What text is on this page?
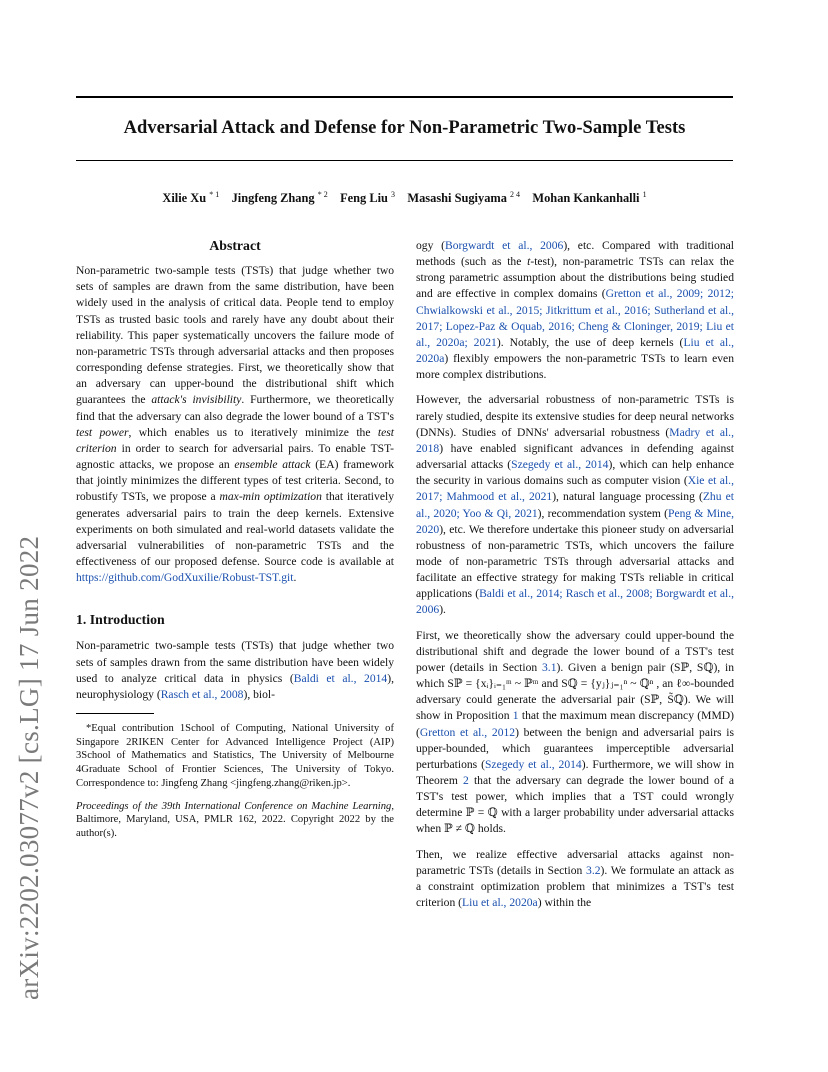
Adversarial Attack and Defense for Non-Parametric Two-Sample Tests
Xilie Xu $^{* 1}$   Jingfeng Zhang $^{* 2}$   Feng Liu $^3$   Masashi Sugiyama $^{2 4}$   Mohan Kankanhalli $^1$
arXiv:2202.03077v2 [cs.LG] 17 Jun 2022
Abstract

Non-parametric two-sample tests (TSTs) that judge whether two sets of samples are drawn from the same distribution, have been widely used in the analysis of critical data. People tend to employ TSTs as trusted basic tools and rarely have any doubt about their reliability. This paper systematically uncovers the failure mode of non-parametric TSTs through adversarial attacks and then proposes corresponding defense strategies. First, we theoretically show that an adversary can upper-bound the distributional shift which guarantees the attack's invisibility. Furthermore, we theoretically find that the adversary can also degrade the lower bound of a TST's test power, which enables us to iteratively minimize the test criterion in order to search for adversarial pairs. To enable TST-agnostic attacks, we propose an ensemble attack (EA) framework that jointly minimizes the different types of test criteria. Second, to robustify TSTs, we propose a max-min optimization that iteratively generates adversarial pairs to train the deep kernels. Extensive experiments on both simulated and real-world datasets validate the adversarial vulnerabilities of non-parametric TSTs and the effectiveness of our proposed defense. Source code is available at https://github.com/GodXuxilie/Robust-TST.git.

1. Introduction

Non-parametric two-sample tests (TSTs) that judge whether two sets of samples drawn from the same distribution have been widely used to analyze critical data in physics (Baldi et al., 2014), neurophysiology (Rasch et al., 2008), biol-

*Equal contribution 1School of Computing, National University of Singapore 2RIKEN Center for Advanced Intelligence Project (AIP) 3School of Mathematics and Statistics, The University of Melbourne 4Graduate School of Frontier Sciences, The University of Tokyo. Correspondence to: Jingfeng Zhang <jingfeng.zhang@riken.jp>.

Proceedings of the 39th International Conference on Machine Learning, Baltimore, Maryland, USA, PMLR 162, 2022. Copyright 2022 by the author(s).

ogy (Borgwardt et al., 2006), etc. Compared with traditional methods (such as the t-test), non-parametric TSTs can relax the strong parametric assumption about the distributions being studied and are effective in complex domains (Gretton et al., 2009; 2012; Chwialkowski et al., 2015; Jitkrittum et al., 2016; Sutherland et al., 2017; Lopez-Paz & Oquab, 2016; Cheng & Cloninger, 2019; Liu et al., 2020a; 2021). Notably, the use of deep kernels (Liu et al., 2020a) flexibly empowers the non-parametric TSTs to learn even more complex distributions.

However, the adversarial robustness of non-parametric TSTs is rarely studied, despite its extensive studies for deep neural networks (DNNs). Studies of DNNs' adversarial robustness (Madry et al., 2018) have enabled significant advances in defending against adversarial attacks (Szegedy et al., 2014), which can help enhance the security in various domains such as computer vision (Xie et al., 2017; Mahmood et al., 2021), natural language processing (Zhu et al., 2020; Yoo & Qi, 2021), recommendation system (Peng & Mine, 2020), etc. We therefore undertake this pioneer study on adversarial robustness of non-parametric TSTs, which uncovers the failure mode of non-parametric TSTs through adversarial attacks and facilitate an effective strategy for making TSTs reliable in critical applications (Baldi et al., 2014; Rasch et al., 2008; Borgwardt et al., 2006).

First, we theoretically show the adversary could upper-bound the distributional shift and degrade the lower bound of a TST's test power (details in Section 3.1). Given a benign pair (Sℙ, Sℚ), in which Sℙ = {xᵢ}ᵢ₌₁ᵐ ~ ℙᵐ and Sℚ = {yⱼ}ⱼ₌₁ⁿ ~ ℚⁿ , an ℓ∞-bounded adversary could generate the adversarial pair (Sℙ, S̃ℚ). We will show in Proposition 1 that the maximum mean discrepancy (MMD) (Gretton et al., 2012) between the benign and adversarial pairs is upper-bounded, which guarantees imperceptible adversarial perturbations (Szegedy et al., 2014). Furthermore, we will show in Theorem 2 that the adversary can degrade the lower bound of a TST's test power, which implies that a TST could wrongly determine ℙ = ℚ with a larger probability under adversarial attacks when ℙ ≠ ℚ holds.

Then, we realize effective adversarial attacks against non-parametric TSTs (details in Section 3.2). We formulate an attack as a constraint optimization problem that minimizes a TST's test criterion (Liu et al., 2020a) within the
